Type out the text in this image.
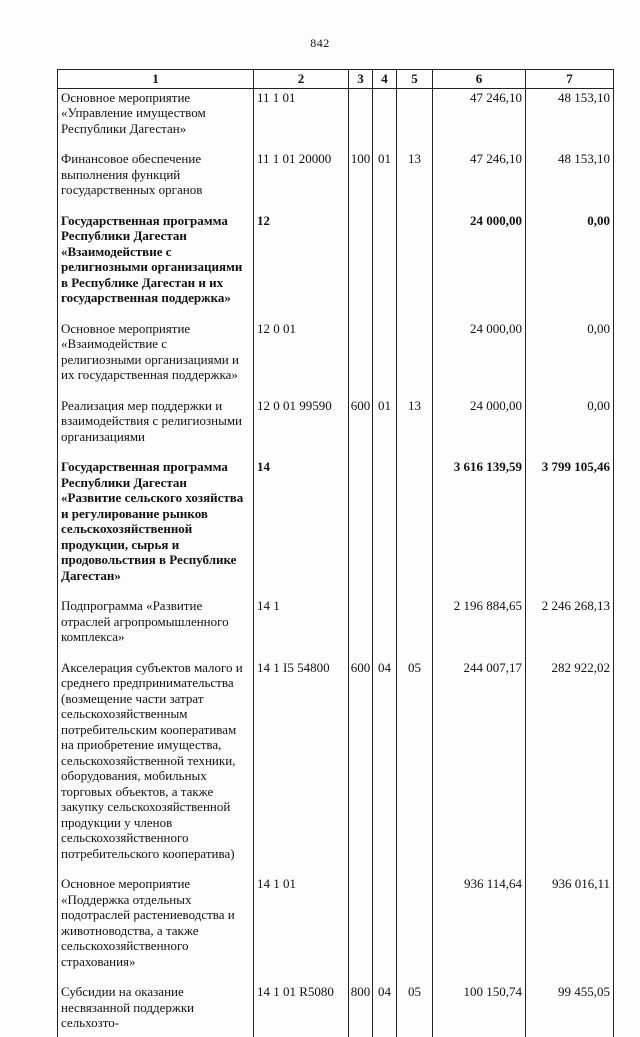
842
1	2	3	4	5	6	7
Основное мероприятие «Управление имуществом Республики Дагестан»	11 1 01				47 246,10	48 153,10
Финансовое обеспечение выполнения функций государственных органов	11 1 01 20000	100	01	13	47 246,10	48 153,10
Государственная программа Республики Дагестан «Взаимодействие с религиозными организациями в Республике Дагестан и их государственная поддержка»	12				24 000,00	0,00
Основное мероприятие «Взаимодействие с религиозными организациями и их государственная поддержка»	12 0 01				24 000,00	0,00
Реализация мер поддержки и взаимодействия с религиозными организациями	12 0 01 99590	600	01	13	24 000,00	0,00
Государственная программа Республики Дагестан «Развитие сельского хозяйства и регулирование рынков сельскохозяйственной продукции, сырья и продовольствия в Республике Дагестан»	14				3 616 139,59	3 799 105,46
Подпрограмма «Развитие отраслей агропромышленного комплекса»	14 1				2 196 884,65	2 246 268,13
Акселерация субъектов малого и среднего предпринимательства (возмещение части затрат сельскохозяйственным потребительским кооперативам на приобретение имущества, сельскохозяйственной техники, оборудования, мобильных торговых объектов, а также закупку сельскохозяйственной продукции у членов сельскохозяйственного потребительского кооператива)	14 1 I5 54800	600	04	05	244 007,17	282 922,02
Основное мероприятие «Поддержка отдельных подотраслей растениеводства и животноводства, а также сельскохозяйственного страхования»	14 1 01				936 114,64	936 016,11
Субсидии на оказание несвязанной поддержки сельхозто-	14 1 01 R5080	800	04	05	100 150,74	99 455,05
